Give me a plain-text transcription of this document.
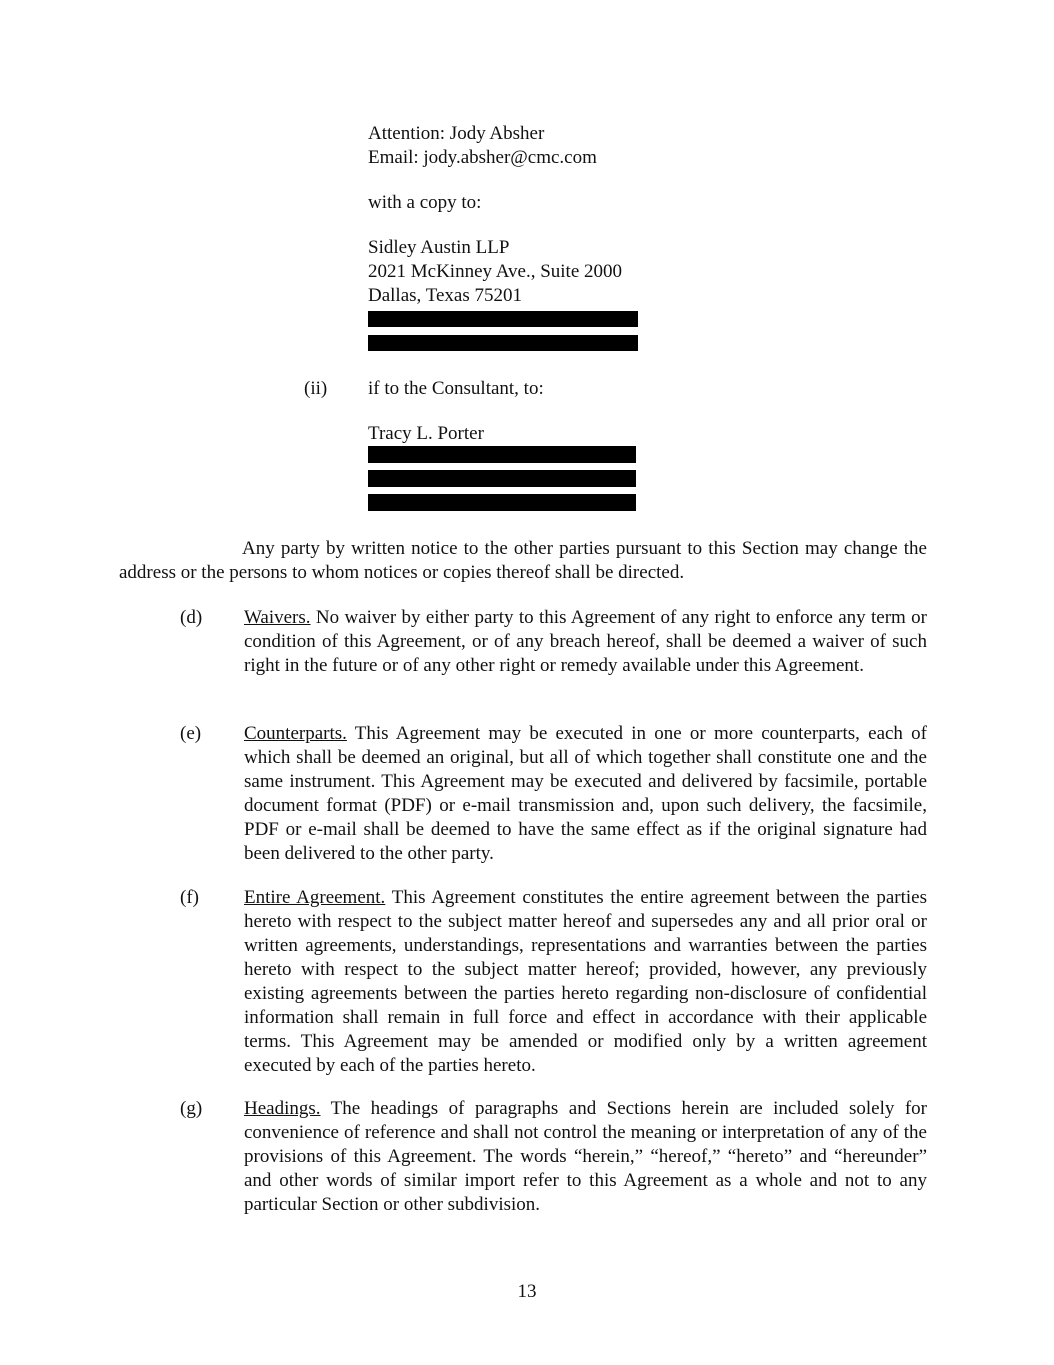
Attention: Jody Absher
Email: jody.absher@cmc.com
with a copy to:
Sidley Austin LLP
2021 McKinney Ave., Suite 2000
Dallas, Texas 75201
(ii) if to the Consultant, to:
Tracy L. Porter
Any party by written notice to the other parties pursuant to this Section may change the address or the persons to whom notices or copies thereof shall be directed.
(d) Waivers. No waiver by either party to this Agreement of any right to enforce any term or condition of this Agreement, or of any breach hereof, shall be deemed a waiver of such right in the future or of any other right or remedy available under this Agreement.
(e) Counterparts. This Agreement may be executed in one or more counterparts, each of which shall be deemed an original, but all of which together shall constitute one and the same instrument. This Agreement may be executed and delivered by facsimile, portable document format (PDF) or e-mail transmission and, upon such delivery, the facsimile, PDF or e-mail shall be deemed to have the same effect as if the original signature had been delivered to the other party.
(f) Entire Agreement. This Agreement constitutes the entire agreement between the parties hereto with respect to the subject matter hereof and supersedes any and all prior oral or written agreements, understandings, representations and warranties between the parties hereto with respect to the subject matter hereof; provided, however, any previously existing agreements between the parties hereto regarding non-disclosure of confidential information shall remain in full force and effect in accordance with their applicable terms. This Agreement may be amended or modified only by a written agreement executed by each of the parties hereto.
(g) Headings. The headings of paragraphs and Sections herein are included solely for convenience of reference and shall not control the meaning or interpretation of any of the provisions of this Agreement. The words “herein,” “hereof,” “hereto” and “hereunder” and other words of similar import refer to this Agreement as a whole and not to any particular Section or other subdivision.
13
